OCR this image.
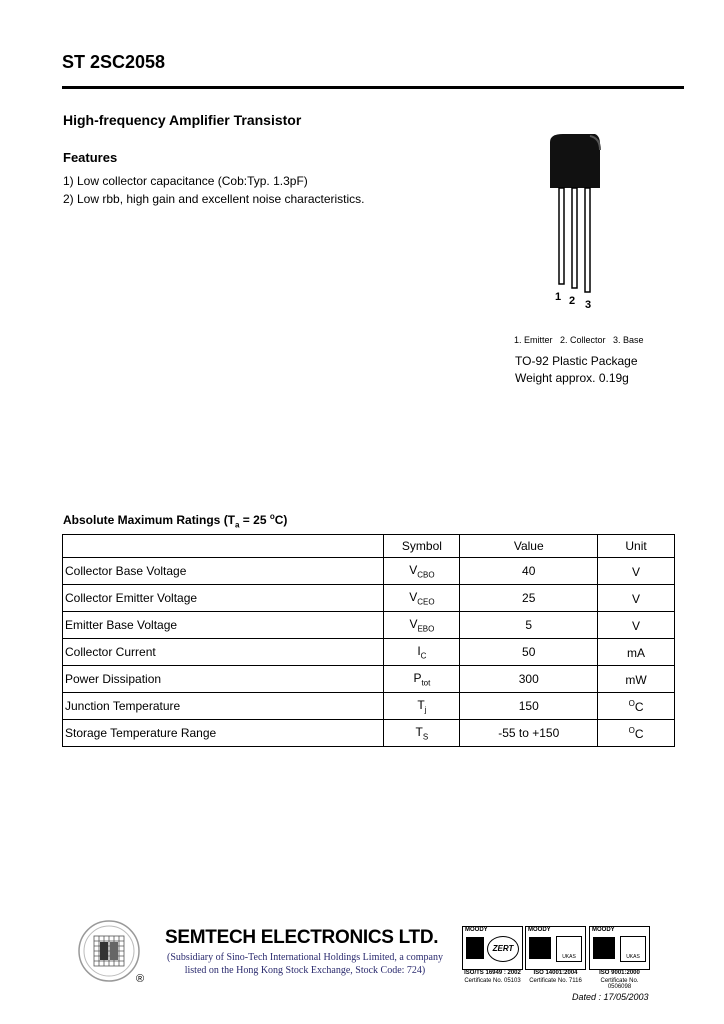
ST 2SC2058
High-frequency Amplifier Transistor
Features
1) Low collector capacitance (Cob:Typ. 1.3pF)
2) Low rbb, high gain and excellent noise characteristics.
1 2 3
1. Emitter   2. Collector   3. Base
TO-92 Plastic Package
Weight approx. 0.19g
Absolute Maximum Ratings ($T_a = 25$ $^o$C)
	Symbol	Value	Unit
Collector Base Voltage	$V_{CBO}$	40	V
Collector Emitter Voltage	$V_{CEO}$	25	V
Emitter Base Voltage	$V_{EBO}$	5	V
Collector Current	$I_C$	50	mA
Power Dissipation	$P_{tot}$	300	mW
Junction Temperature	$T_j$	150	$^O$C
Storage Temperature Range	$T_S$	-55 to +150	$^O$C
®
SEMTECH ELECTRONICS LTD.
(Subsidiary of Sino-Tech International Holdings Limited, a company
listed on the Hong Kong Stock Exchange, Stock Code: 724)
MOODY
ZERT
MOODY
UKAS
MOODY
UKAS
ISO/TS 16949 : 2002	ISO 14001:2004	ISO 9001:2000
Certificate No. 05103	Certificate No. 7116	Certificate No. 0506098
Dated : 17/05/2003
